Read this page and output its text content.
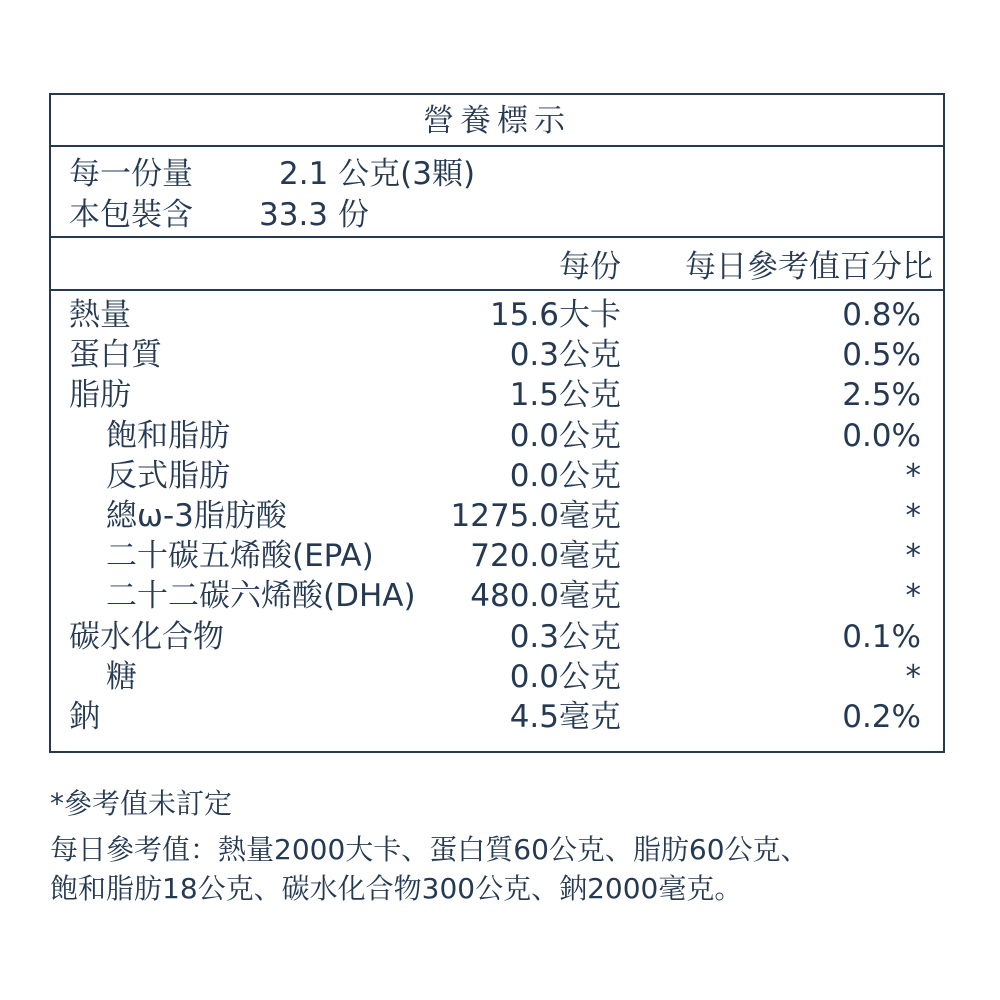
營養標示
每一份量	2.1 公克(3顆)
本包裝含 33.3 份
每份 每日參考值百分比
熱量	15.6大卡	0.8%
蛋白質	0.3公克	0.5%
脂肪	1.5公克	2.5%
飽和脂肪	0.0公克	0.0%
反式脂肪	0.0公克	*
總ω-3脂肪酸	1275.0毫克	*
二十碳五烯酸(EPA)	720.0毫克	*
二十二碳六烯酸(DHA) 480.0毫克	*
碳水化合物	0.3公克	0.1%
糖	0.0公克	*
鈉	4.5毫克	0.2%
*參考值未訂定
每日參考值：熱量2000大卡、蛋白質60公克、脂肪60公克、
飽和脂肪18公克、碳水化合物300公克、鈉2000毫克。
